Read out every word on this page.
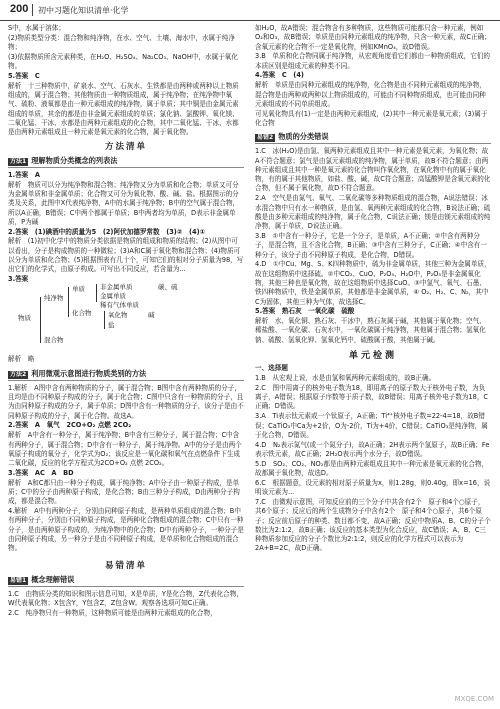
200 初中习题化知识清单·化学

S中，水属于溶体；

(2)物质类型分类：混合物和纯净物，在水、空气、土壤、海水中，水属于纯净物；

(3)依据物质所含元素种类，在H₂O、H₂SO₄、Na₂CO₃、NaOH中，水属于氧化物。

5.答案　C

解析　十三种物质中，矿泉水、空气、石灰水、生铁都是由两种或两种以上物质组成的，属于混合物；其他物质由一种物质组成，属于纯净物；在纯净物中氧气、硫粉、液氧都是由一种元素组成的纯净物，属于单质；其中铜是由金属元素组成的单质，其余的都是由非金属元素组成的单质；氯化钠、氯酸钾、氧化镁、二氧化锰、干冰、水都是由两种元素组成的化合物，其中二氧化锰、干冰、水都是由两种元素组成且一种元素是氧元素的化合物，属于氧化物。

方法清单
方法1 理解物质分类概念的列表法

1.答案　A

解析　物质可以分为纯净物和混合物；纯净物又分为单质和化合物；单质又可分为金属单质和非金属单质；化合物又可分为氧化物、酸、碱、盐。根据图示的分类及关系，此图中X代表纯净物，A中的水属于纯净物；B中的空气属于混合物，所以A正确，B错误；C中两个都属于单质；B中两者均为单质，D表示非金属单质，P为碱

2.答案　(1)碘酒中的质量为5　(2)阿伏加德罗常数　(3)②　(4)①

解析　(1)初中化学中的物质分类依据是物质的组成和物质的结构；(2)从图中可以看出，分子是构成物质的一种微粒；(3)A和C属于氧化物和混合物；(4)物质可以分为单质和化合物；(5)根据图表有几十个，可知它们的相对分子质量为98，写出它们的化学式，由原子构成。可写出不同反应，若含量为...

3.答案

物质
纯净物
混合物
单质
化合物
非金属单质
金属单质
碳、硫
稀有气体单质
氧化物	碱
盐

解析　略

方法2 利用微观示意图进行物质类别的方法

1.解析　A图中含有两种物质的分子，属于混合物；B图中含有两种物质的分子，且均是由不同种原子构成的分子，属于化合物；C图中只含有一种物质的分子，且为由同种原子构成的分子，属于单质；D图中含有一种物质的分子，该分子是由不同种原子构成的分子，属于化合物。故选A。

2.答案　A　氧气　2CO+O₂ 点燃 2CO₂

解析　A中含有一种分子，属于纯净物；B中含有三种分子，属于混合物；C中含有两种分子，属于混合物；D中含有一种分子，属于纯净物。A中的分子是由两个氧原子构成的氧分子，化学式为O₂；该反应是一氧化碳和氧气在点燃条件下生成二氧化碳，反应的化学方程式为2CO+O₂ 点燃 2CO₂。

3.答案　AC　A　BD

解析　A和C都只由一种分子构成，属于纯净物；A中分子由一种原子构成，是单质；C中的分子由两种原子构成，是化合物；B由三种分子构成，D由两种分子构成，都是混合物。

4.解析　A中有两种分子，分别由同种原子构成，是两种单质组成的混合物；B中有两种分子，分别由不同种原子构成，是两种化合物组成的混合物；C中只有一种分子，是由两种原子构成的，为纯净物中的化合物；D中有两种分子，一种分子是由同种原子构成，另一种分子是由不同种原子构成，是单质和化合物组成的混合物。

易错清单
易错1 概念理解错误

1.C　由物质分类的知识和图示信息可知，X是单质，Y是化合物，Z代表化合物，W代表氧化物；X包含Y，Y包含Z，Z包含W。观察各选项可知C正确。

2.C　纯净物只有一种物质，这种物质可能是由两种元素组成的化合物，

如H₂O，故A错误；混合物含有多种物质，这些物质可能都只含一种元素，例如O₂和O₃，故B错误；单质是由同种元素组成的纯净物，只含一种元素，故C正确；含氧元素的化合物不一定是氧化物，例如KMnO₄，故D错误。

3.B　单质和化合物同属于纯净物，从宏观角度看它们都由一种物质组成，它们的本质区别是组成元素的种类不同。

4.答案　C　(4)

解析　单质是由同种元素组成的纯净物，化合物是由不同种元素组成的纯净物，混合物是由两种或两种以上物质组成的，可能由不同种物质组成，也可能由同种元素组成的不同单质组成。

可见氧化物具有(1)一定是由两种元素组成，(2)其中一种元素是氧元素；(3)属于化合物

易错2 物质的分类错误

1.C　冰(H₂O)是由氢、氧两种元素组成且其中一种元素是氧元素，为氧化物；故A不符合题意；氯气是由氯元素组成的纯净物，属于单质，故B不符合题意；由两种元素组成且其中一种是氧元素的化合物叫作氧化物，在氧化物中有的属于氧化物，有的属于其他物质，如盐、酸、碱，故C符合题意；高锰酸钾是含氧元素的化合物，但不属于氧化物，故D不符合题意。

2.A　空气是由氮气、氧气、二氧化碳等多种物质组成的混合物，A说法错误；冰水混合物中只有水一种物质，是由氢、氧两种元素组成的化合物，B说法正确；硫酸是由多种元素组成的纯净物，属于化合物，C说法正确；镁是由镁元素组成的纯净物，属于单质，D说法正确。

3.B　①中含有一种分子，它是一个分子，是单质，A不正确；②中含有两种分子，是混合物，且不含化合物，B正确；③中含有三种分子，C正确；④中含有一种分子，该分子由不同种原子构成，是化合物，D错误。

4.D　①中Cu、Mg、S、K四种物质中，硫为非金属单质，其他三种为金属单质，故在这组物质中选择硫。②中CO₂、CuO、P₂O₅、H₂O中，P₂O₅是非金属氧化物，其他三种也是氧化物，故在这组物质中选择CuO。③中氢气、氧气、石墨、铁四种物质中，铁是金属单质，其他都是非金属单质，④ O₂、H₂、C、N₂，其中C为固体，其他三种为气体，故选择C。

5.答案　熟石灰　一氧化碳　硫酸

解析　水、氧化铜、熟石灰、干冰中，熟石灰属于碱，其他属于氧化物；空气、稀盐酸、一氧化碳、石灰水中，一氧化碳属于纯净物，其他属于混合物；氢氧化钠、硫酸、氢氧化钾、氢氧化钙中，硫酸属于酸，其他属于碱。

单元检测

一、选择题

1.B　从宏观上说，水是由氢和氧两种元素组成的，故B正确。

2.C　图中用离子的核外电子数为18，即用离子的原子数大于核外电子数，为负离子，A错误；根据原子序数等于质子数，故B错误；用离子核外电子数为18，C正确；D错误。

3.A　Ti表示钛元素或一个钛原子，A正确；Ti⁴⁺核外电子数=22-4=18，故B错误；CaTiO₃中Ca为+2价，O为-2价，Ti为+4价，C错误；CaTiO₃是纯净物，属于化合物，D错误。

4.D　N₂表示氮气(或一个氮分子)，故A正确；2H表示两个氢原子，故B正确；Fe表示铁元素，故C正确；2H₂O表示两个水分子，故D错误。

5.D　SO₂、CO₂、NO₂都是由两种元素组成且其中一种元素是氧元素的化合物，故都属于氧化物，故选D。

6.C　根据题意，设元素的相对原子质量为x，则1.28g，则0.40g，即x=16，说明该元素为...

7.C　由微观示意图，可知反应前的三个分子中共含有2个　原子和4个○原子，共6个原子；反应后的两个生成物分子中含有2个　原子和4个○原子，共6个原子；反应前后原子的种类、数目都不变，故A正确；反应中物质A、B、C的分子个数比为2:1:2，故B正确；该反应的基本类型为化合反应，故C错误；A、B、C三种物质参加反应的分子个数比为2:1:2，则反应的化学方程式可以表示为2A+B=2C，故D正确。

MXQE.COM
